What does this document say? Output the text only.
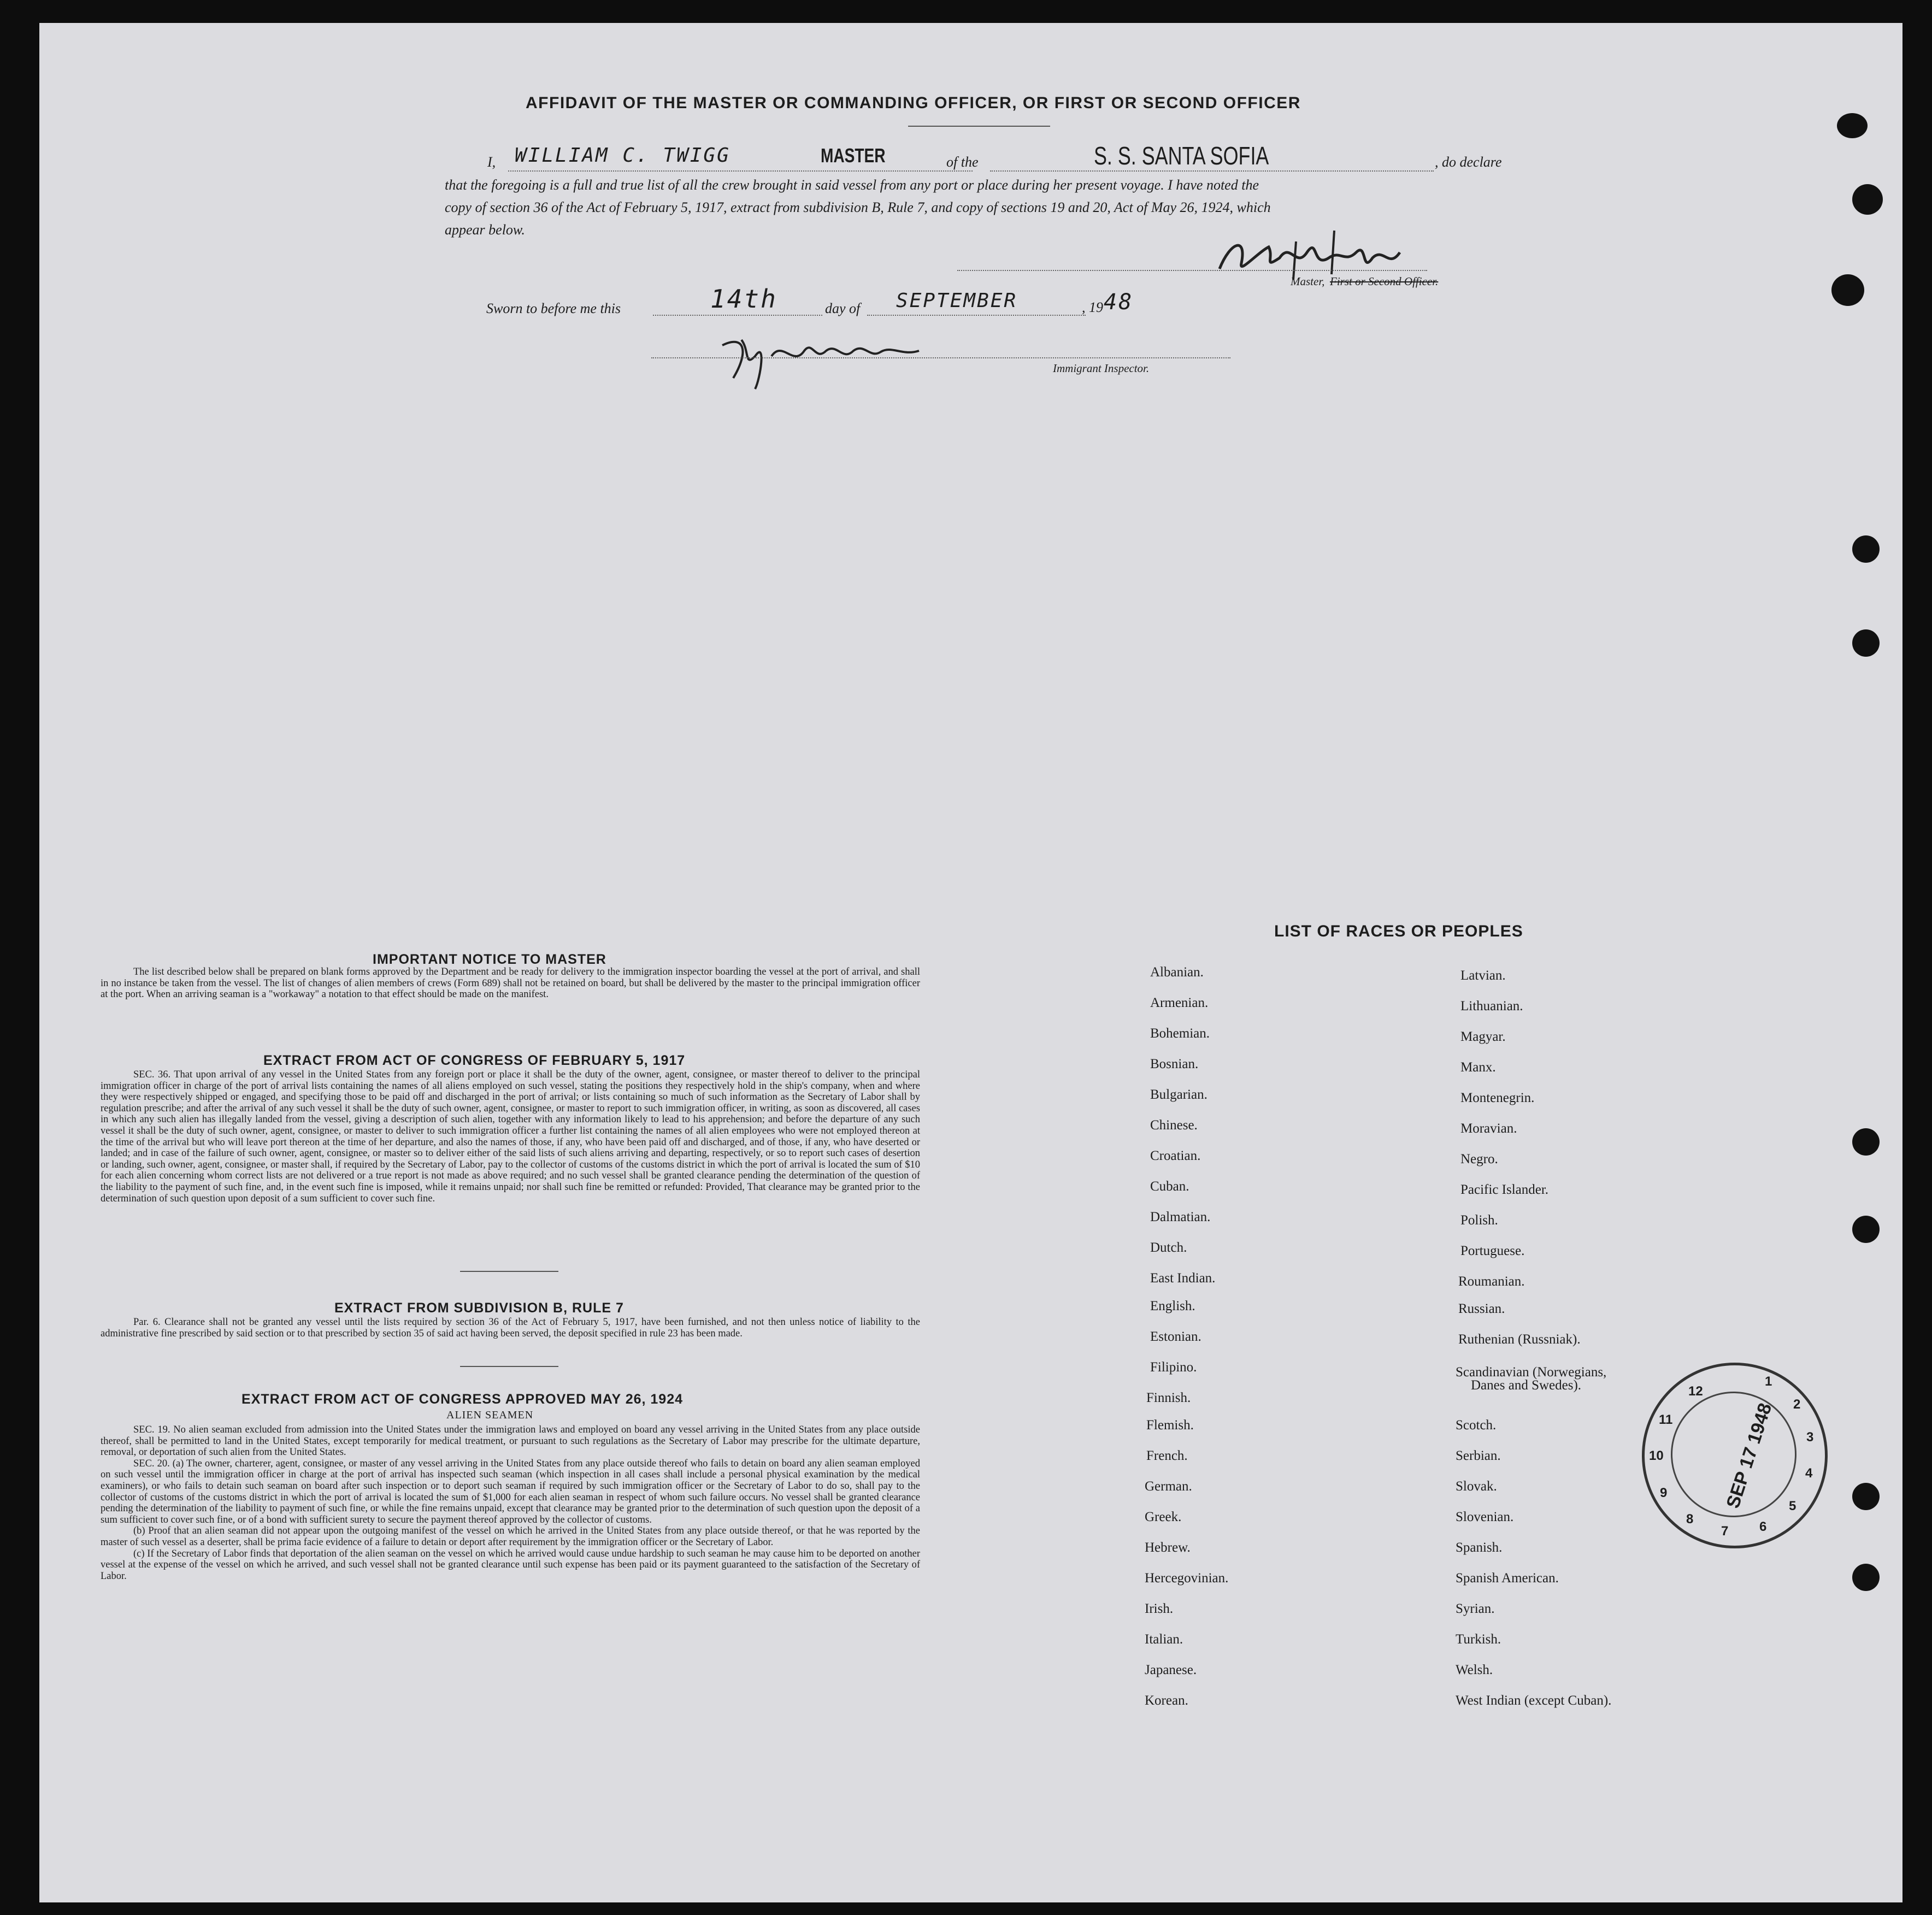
AFFIDAVIT OF THE MASTER OR COMMANDING OFFICER, OR FIRST OR SECOND OFFICER
I, WILLIAM C. TWIGG	MASTER	of the	S. S. SANTA SOFIA	, do declare
that the foregoing is a full and true list of all the crew brought in said vessel from any port or place during her present voyage. I have noted the
copy of section 36 of the Act of February 5, 1917, extract from subdivision B, Rule 7, and copy of sections 19 and 20, Act of May 26, 1924, which
appear below.
Master, First or Second Officer.
Sworn to before me this	14th	day of SEPTEMBER	, 19 48
Immigrant Inspector.
IMPORTANT NOTICE TO MASTER

The list described below shall be prepared on blank forms approved by the Department and be ready for delivery to the immigration inspector boarding the vessel at the port of arrival, and shall in no instance be taken from the vessel. The list of changes of alien members of crews (Form 689) shall not be retained on board, but shall be delivered by the master to the principal immigration officer at the port. When an arriving seaman is a "workaway" a notation to that effect should be made on the manifest.

EXTRACT FROM ACT OF CONGRESS OF FEBRUARY 5, 1917

SEC. 36. That upon arrival of any vessel in the United States from any foreign port or place it shall be the duty of the owner, agent, consignee, or master thereof to deliver to the principal immigration officer in charge of the port of arrival lists containing the names of all aliens employed on such vessel, stating the positions they respectively hold in the ship's company, when and where they were respectively shipped or engaged, and specifying those to be paid off and discharged in the port of arrival; or lists containing so much of such information as the Secretary of Labor shall by regulation prescribe; and after the arrival of any such vessel it shall be the duty of such owner, agent, consignee, or master to report to such immigration officer, in writing, as soon as discovered, all cases in which any such alien has illegally landed from the vessel, giving a description of such alien, together with any information likely to lead to his apprehension; and before the departure of any such vessel it shall be the duty of such owner, agent, consignee, or master to deliver to such immigration officer a further list containing the names of all alien employees who were not employed thereon at the time of the arrival but who will leave port thereon at the time of her departure, and also the names of those, if any, who have been paid off and discharged, and of those, if any, who have deserted or landed; and in case of the failure of such owner, agent, consignee, or master so to deliver either of the said lists of such aliens arriving and departing, respectively, or so to report such cases of desertion or landing, such owner, agent, consignee, or master shall, if required by the Secretary of Labor, pay to the collector of customs of the customs district in which the port of arrival is located the sum of $10 for each alien concerning whom correct lists are not delivered or a true report is not made as above required; and no such vessel shall be granted clearance pending the determination of the question of the liability to the payment of such fine, and, in the event such fine is imposed, while it remains unpaid; nor shall such fine be remitted or refunded: Provided, That clearance may be granted prior to the determination of such question upon deposit of a sum sufficient to cover such fine.

EXTRACT FROM SUBDIVISION B, RULE 7

Par. 6. Clearance shall not be granted any vessel until the lists required by section 36 of the Act of February 5, 1917, have been furnished, and not then unless notice of liability to the administrative fine prescribed by said section or to that prescribed by section 35 of said act having been served, the deposit specified in rule 23 has been made.

EXTRACT FROM ACT OF CONGRESS APPROVED MAY 26, 1924
ALIEN SEAMEN

SEC. 19. No alien seaman excluded from admission into the United States under the immigration laws and employed on board any vessel arriving in the United States from any place outside thereof, shall be permitted to land in the United States, except temporarily for medical treatment, or pursuant to such regulations as the Secretary of Labor may prescribe for the ultimate departure, removal, or deportation of such alien from the United States.

SEC. 20. (a) The owner, charterer, agent, consignee, or master of any vessel arriving in the United States from any place outside thereof who fails to detain on board any alien seaman employed on such vessel until the immigration officer in charge at the port of arrival has inspected such seaman (which inspection in all cases shall include a personal physical examination by the medical examiners), or who fails to detain such seaman on board after such inspection or to deport such seaman if required by such immigration officer or the Secretary of Labor to do so, shall pay to the collector of customs of the customs district in which the port of arrival is located the sum of $1,000 for each alien seaman in respect of whom such failure occurs. No vessel shall be granted clearance pending the determination of the liability to payment of such fine, or while the fine remains unpaid, except that clearance may be granted prior to the determination of such question upon the deposit of a sum sufficient to cover such fine, or of a bond with sufficient surety to secure the payment thereof approved by the collector of customs.

(b) Proof that an alien seaman did not appear upon the outgoing manifest of the vessel on which he arrived in the United States from any place outside thereof, or that he was reported by the master of such vessel as a deserter, shall be prima facie evidence of a failure to detain or deport after requirement by the immigration officer or the Secretary of Labor.

(c) If the Secretary of Labor finds that deportation of the alien seaman on the vessel on which he arrived would cause undue hardship to such seaman he may cause him to be deported on another vessel at the expense of the vessel on which he arrived, and such vessel shall not be granted clearance until such expense has been paid or its payment guaranteed to the satisfaction of the Secretary of Labor.

LIST OF RACES OR PEOPLES
Albanian.
Armenian.
Bohemian.
Bosnian.
Bulgarian.
Chinese.
Croatian.
Cuban.
Dalmatian.
Dutch.
East Indian.
English.
Estonian.
Filipino.
Finnish.
Flemish.
French.
German.
Greek.
Hebrew.
Hercegovinian.
Irish.
Italian.
Japanese.
Korean.
Latvian.
Lithuanian.
Magyar.
Manx.
Montenegrin.
Moravian.
Negro.
Pacific Islander.
Polish.
Portuguese.
Roumanian.
Russian.
Ruthenian (Russniak).
Scandinavian (Norwegians,
Danes and Swedes).
Scotch.
Serbian.
Slovak.
Slovenian.
Spanish.
Spanish American.
Syrian.
Turkish.
Welsh.
West Indian (except Cuban).
1
2
3
4
5
6
7
8
9
10
11
12
SEP 17 1948
